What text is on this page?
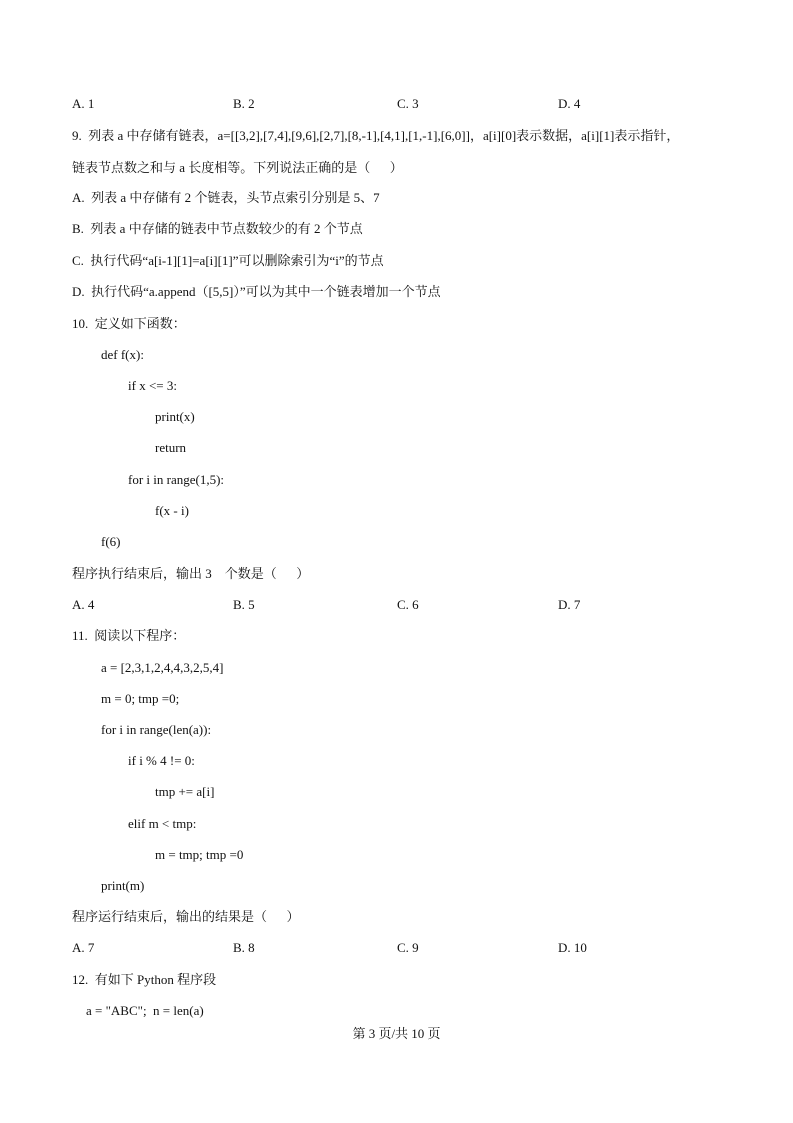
A. 1	B. 2	C. 3	D. 4
9.  列表 a 中存储有链表，a=[[3,2],[7,4],[9,6],[2,7],[8,-1],[4,1],[1,-1],[6,0]]，a[i][0]表示数据，a[i][1]表示指针，
链表节点数之和与 a 长度相等。下列说法正确的是（      ）
A.  列表 a 中存储有 2 个链表，头节点索引分别是 5、7
B.  列表 a 中存储的链表中节点数较少的有 2 个节点
C.  执行代码“a[i-1][1]=a[i][1]”可以删除索引为“i”的节点
D.  执行代码“a.append（[5,5]）”可以为其中一个链表增加一个节点
10.  定义如下函数：
def f(x):
if x <= 3:
print(x)
return
for i in range(1,5):
f(x - i)
f(6)
程序执行结束后，输出 3    个数是（      ）
A. 4	B. 5	C. 6	D. 7
11.  阅读以下程序：
a = [2,3,1,2,4,4,3,2,5,4]
m = 0; tmp =0;
for i in range(len(a)):
if i % 4 != 0:
tmp += a[i]
elif m < tmp:
m = tmp; tmp =0
print(m)
程序运行结束后，输出的结果是（      ）
A. 7	B. 8	C. 9	D. 10
12.  有如下 Python 程序段
a = "ABC";  n = len(a)
第 3 页/共 10 页
